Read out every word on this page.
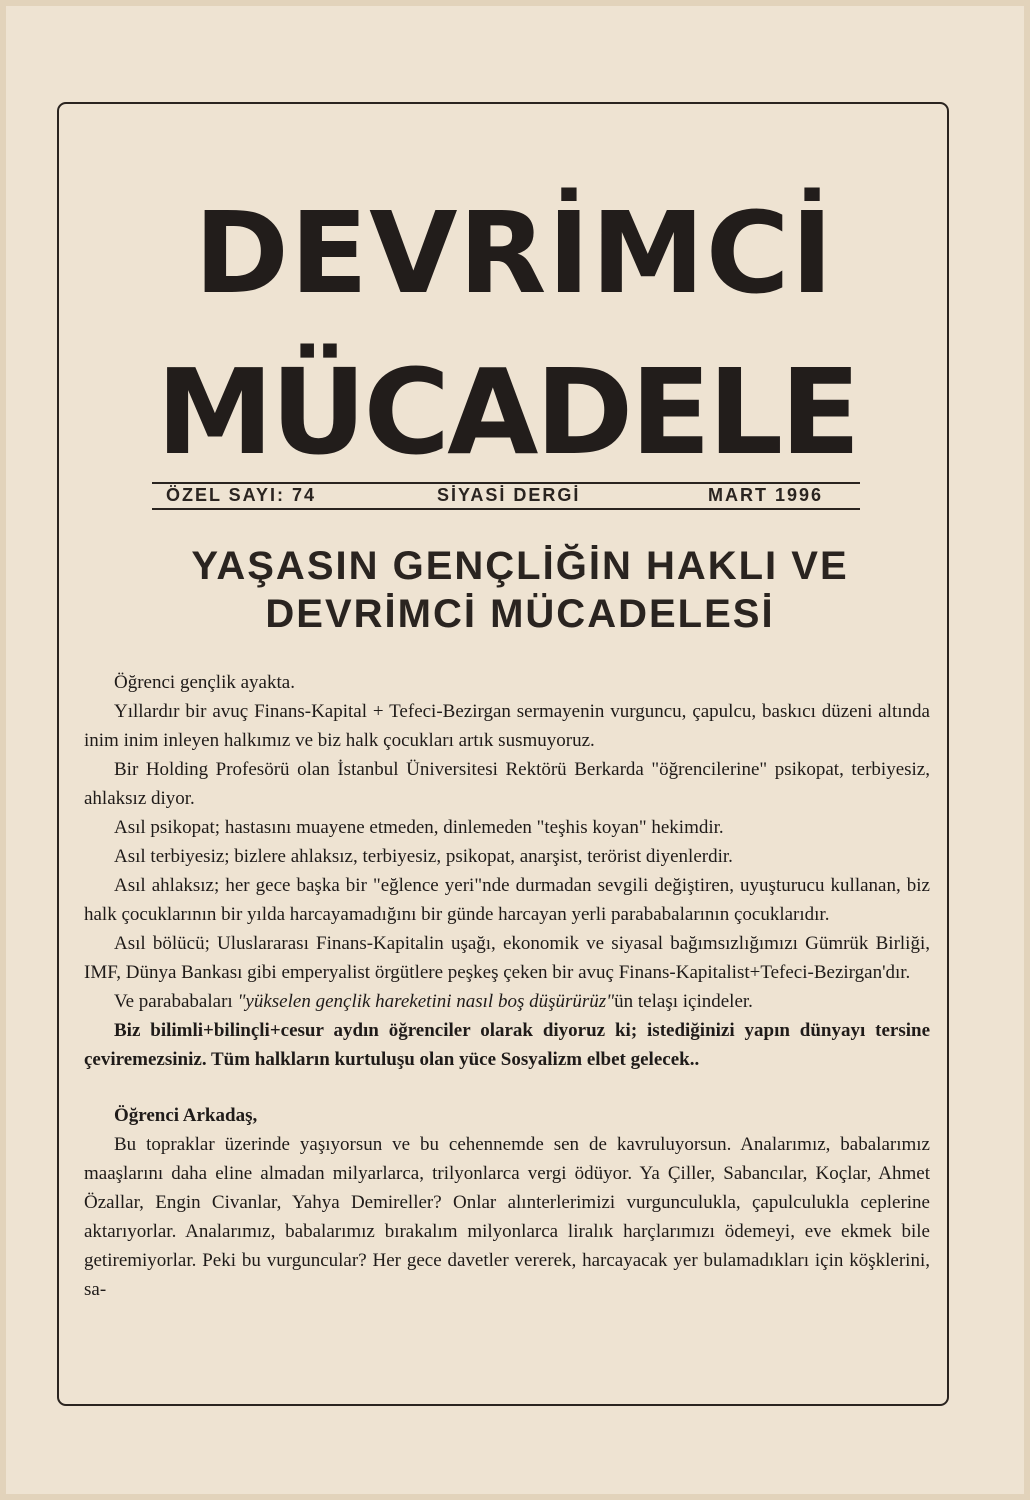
DEVRİMCİ
MÜCADELE
ÖZEL SAYI: 74	SİYASİ DERGİ	MART 1996
YAŞASIN GENÇLİĞİN HAKLI VE
DEVRİMCİ MÜCADELESİ

Öğrenci gençlik ayakta.

Yıllardır bir avuç Finans-Kapital + Tefeci-Bezirgan sermayenin vurguncu, çapulcu, baskıcı düzeni altında inim inim inleyen halkımız ve biz halk çocukları artık susmuyoruz.

Bir Holding Profesörü olan İstanbul Üniversitesi Rektörü Berkarda "öğrencilerine" psikopat, terbiyesiz, ahlaksız diyor.

Asıl psikopat; hastasını muayene etmeden, dinlemeden "teşhis koyan" hekimdir.

Asıl terbiyesiz; bizlere ahlaksız, terbiyesiz, psikopat, anarşist, terörist diyenlerdir.

Asıl ahlaksız; her gece başka bir "eğlence yeri"nde durmadan sevgili değiştiren, uyuşturucu kullanan, biz halk çocuklarının bir yılda harcayamadığını bir günde harcayan yerli parababalarının çocuklarıdır.

Asıl bölücü; Uluslararası Finans-Kapitalin uşağı, ekonomik ve siyasal bağımsızlığımızı Gümrük Birliği, IMF, Dünya Bankası gibi emperyalist örgütlere peşkeş çeken bir avuç Finans-Kapitalist+Tefeci-Bezirgan'dır.

Ve parababaları "yükselen gençlik hareketini nasıl boş düşürürüz"ün telaşı içindeler.

Biz bilimli+bilinçli+cesur aydın öğrenciler olarak diyoruz ki; istediğinizi yapın dünyayı tersine çeviremezsiniz. Tüm halkların kurtuluşu olan yüce Sosyalizm elbet gelecek..

Öğrenci Arkadaş,

Bu topraklar üzerinde yaşıyorsun ve bu cehennemde sen de kavruluyorsun. Analarımız, babalarımız maaşlarını daha eline almadan milyarlarca, trilyonlarca vergi ödüyor. Ya Çiller, Sabancılar, Koçlar, Ahmet Özallar, Engin Civanlar, Yahya Demireller? Onlar alınterlerimizi vurgunculukla, çapulculukla ceplerine aktarıyorlar. Analarımız, babalarımız bırakalım milyonlarca liralık harçlarımızı ödemeyi, eve ekmek bile getiremiyorlar. Peki bu vurguncular? Her gece davetler vererek, harcayacak yer bulamadıkları için köşklerini, sa-
